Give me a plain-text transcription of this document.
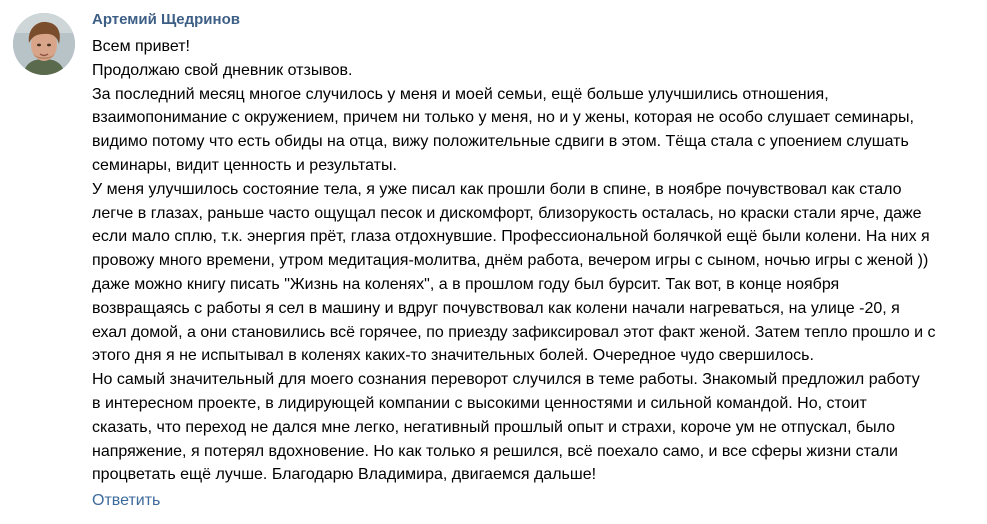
Артемий Щедринов
Всем привет!
Продолжаю свой дневник отзывов.
За последний месяц многое случилось у меня и моей семьи, ещё больше улучшились отношения,
взаимопонимание с окружением, причем ни только у меня, но и у жены, которая не особо слушает семинары,
видимо потому что есть обиды на отца, вижу положительные сдвиги в этом. Тёща стала с упоением слушать
семинары, видит ценность и результаты.
У меня улучшилось состояние тела, я уже писал как прошли боли в спине, в ноябре почувствовал как стало
легче в глазах, раньше часто ощущал песок и дискомфорт, близорукость осталась, но краски стали ярче, даже
если мало сплю, т.к. энергия прёт, глаза отдохнувшие. Профессиональной болячкой ещё были колени. На них я
провожу много времени, утром медитация-молитва, днём работа, вечером игры с сыном, ночью игры с женой ))
даже можно книгу писать "Жизнь на коленях", а в прошлом году был бурсит. Так вот, в конце ноября
возвращаясь с работы я сел в машину и вдруг почувствовал как колени начали нагреваться, на улице -20, я
ехал домой, а они становились всё горячее, по приезду зафиксировал этот факт женой. Затем тепло прошло и с
этого дня я не испытывал в коленях каких-то значительных болей. Очередное чудо свершилось.
Но самый значительный для моего сознания переворот случился в теме работы. Знакомый предложил работу
в интересном проекте, в лидирующей компании с высокими ценностями и сильной командой. Но, стоит
сказать, что переход не дался мне легко, негативный прошлый опыт и страхи, короче ум не отпускал, было
напряжение, я потерял вдохновение. Но как только я решился, всё поехало само, и все сферы жизни стали
процветать ещё лучше. Благодарю Владимира, двигаемся дальше!
Ответить
